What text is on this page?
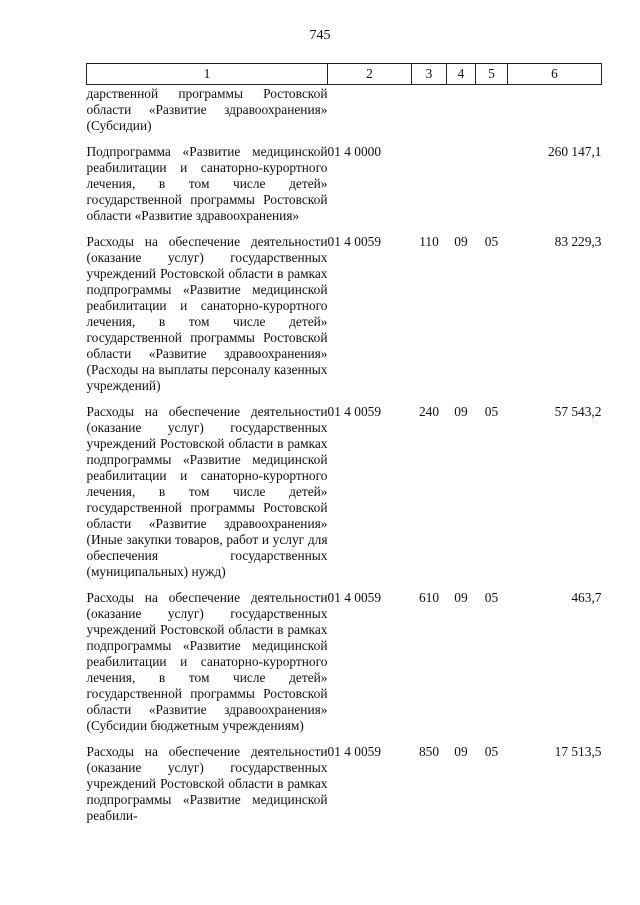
745
1	2	3	4	5	6
дарственной программы Ростовской области «Развитие здравоохранения» (Субсидии)					
Подпрограмма «Развитие медицинской реабилитации и санаторно-курортного лечения, в том числе детей» государственной программы Ростовской области «Развитие здравоохранения»	01 4 0000				260 147,1
Расходы на обеспечение деятельности (оказание услуг) государственных учреждений Ростовской области в рамках подпрограммы «Развитие медицинской реабилитации и санаторно-курортного лечения, в том числе детей» государственной программы Ростовской области «Развитие здравоохранения» (Расходы на выплаты персоналу казенных учреждений)	01 4 0059	110	09	05	83 229,3
Расходы на обеспечение деятельности (оказание услуг) государственных учреждений Ростовской области в рамках подпрограммы «Развитие медицинской реабилитации и санаторно-курортного лечения, в том числе детей» государственной программы Ростовской области «Развитие здравоохранения» (Иные закупки товаров, работ и услуг для обеспечения государственных (муниципальных) нужд)	01 4 0059	240	09	05	57 543,2
Расходы на обеспечение деятельности (оказание услуг) государственных учреждений Ростовской области в рамках подпрограммы «Развитие медицинской реабилитации и санаторно-курортного лечения, в том числе детей» государственной программы Ростовской области «Развитие здравоохранения» (Субсидии бюджетным учреждениям)	01 4 0059	610	09	05	463,7
Расходы на обеспечение деятельности (оказание услуг) государственных учреждений Ростовской области в рамках подпрограммы «Развитие медицинской реабили-	01 4 0059	850	09	05	17 513,5
